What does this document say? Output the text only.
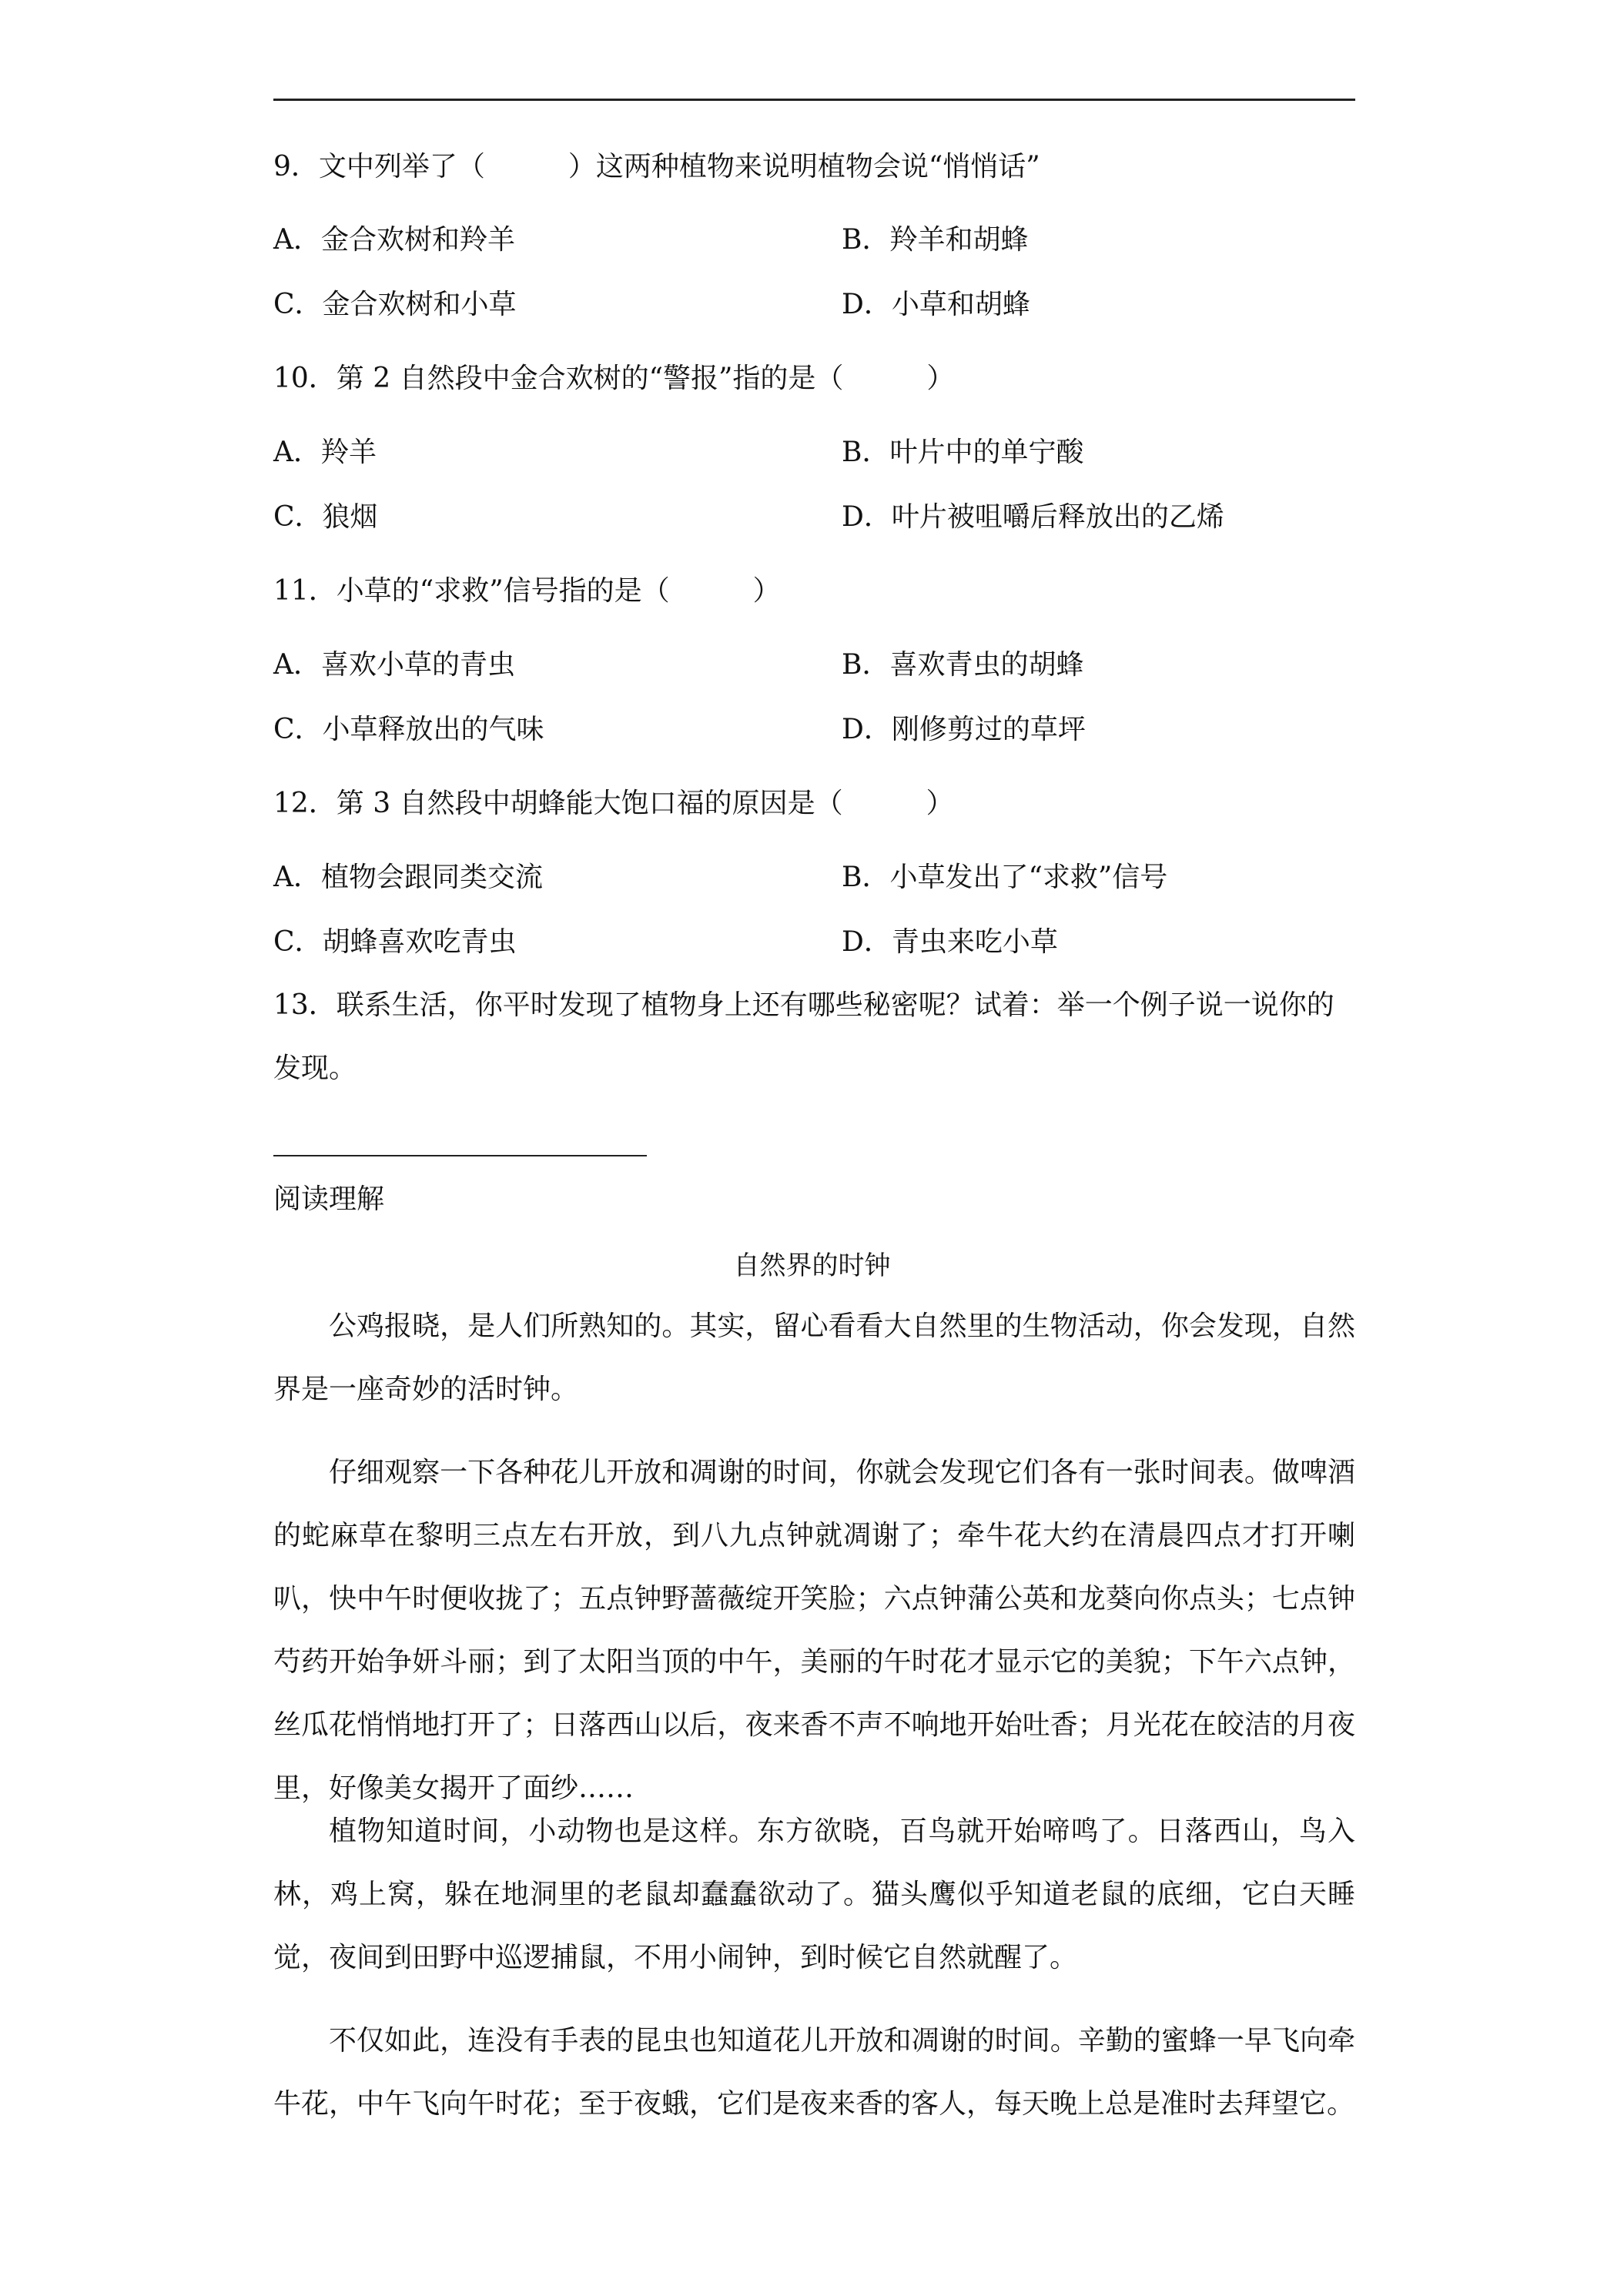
9．文中列举了（　　　）这两种植物来说明植物会说“悄悄话”
A．金合欢树和羚羊	B．羚羊和胡蜂
C．金合欢树和小草	D．小草和胡蜂
10．第 2 自然段中金合欢树的“警报”指的是（　　　）
A．羚羊	B．叶片中的单宁酸
C．狼烟	D．叶片被咀嚼后释放出的乙烯
11．小草的“求救”信号指的是（　　　）
A．喜欢小草的青虫	B．喜欢青虫的胡蜂
C．小草释放出的气味	D．刚修剪过的草坪
12．第 3 自然段中胡蜂能大饱口福的原因是（　　　）
A．植物会跟同类交流	B．小草发出了“求救”信号
C．胡蜂喜欢吃青虫	D．青虫来吃小草
13．联系生活，你平时发现了植物身上还有哪些秘密呢？试着：举一个例子说一说你的发现。
阅读理解
自然界的时钟

公鸡报晓，是人们所熟知的。其实，留心看看大自然里的生物活动，你会发现，自然界是一座奇妙的活时钟。

仔细观察一下各种花儿开放和凋谢的时间，你就会发现它们各有一张时间表。做啤酒的蛇麻草在黎明三点左右开放，到八九点钟就凋谢了；牵牛花大约在清晨四点才打开喇叭，快中午时便收拢了；五点钟野蔷薇绽开笑脸；六点钟蒲公英和龙葵向你点头；七点钟芍药开始争妍斗丽；到了太阳当顶的中午，美丽的午时花才显示它的美貌；下午六点钟，丝瓜花悄悄地打开了；日落西山以后，夜来香不声不响地开始吐香；月光花在皎洁的月夜里，好像美女揭开了面纱……

植物知道时间，小动物也是这样。东方欲晓，百鸟就开始啼鸣了。日落西山，鸟入林，鸡上窝，躲在地洞里的老鼠却蠢蠢欲动了。猫头鹰似乎知道老鼠的底细，它白天睡觉，夜间到田野中巡逻捕鼠，不用小闹钟，到时候它自然就醒了。

不仅如此，连没有手表的昆虫也知道花儿开放和凋谢的时间。辛勤的蜜蜂一早飞向牵牛花，中午飞向午时花；至于夜蛾，它们是夜来香的客人，每天晚上总是准时去拜望它。
